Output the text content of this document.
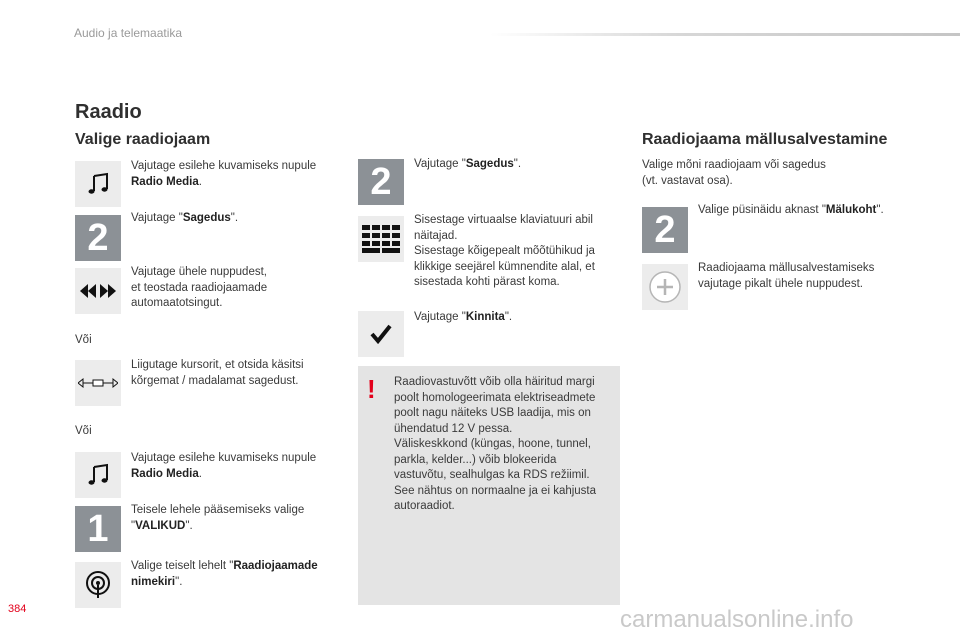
Audio ja telemaatika
Raadio
Valige raadiojaam
Vajutage esilehe kuvamiseks nupule
Radio Media.
2 Vajutage "Sagedus".
Vajutage ühele nuppudest,
et teostada raadiojaamade
automaatotsingut.
Või
Liigutage kursorit, et otsida käsitsi
kõrgemat / madalamat sagedust.
Või
Vajutage esilehe kuvamiseks nupule
Radio Media.
1 Teisele lehele pääsemiseks valige
"VALIKUD".
Valige teiselt lehelt "Raadiojaamade
nimekiri".
2 Vajutage "Sagedus".
Sisestage virtuaalse klaviatuuri abil
näitajad.
Sisestage kõigepealt mõõtühikud ja
klikkige seejärel kümnendite alal, et
sisestada kohti pärast koma.
Vajutage "Kinnita".
! Raadiovastuvõtt võib olla häiritud margi
poolt homologeerimata elektriseadmete
poolt nagu näiteks USB laadija, mis on
ühendatud 12 V pessa.
Väliskeskkond (küngas, hoone, tunnel,
parkla, kelder...) võib blokeerida
vastuvõtu, sealhulgas ka RDS režiimil.
See nähtus on normaalne ja ei kahjusta
autoraadiot.
Raadiojaama mällusalvestamine
Valige mõni raadiojaam või sagedus
(vt. vastavat osa).
2 Valige püsinäidu aknast "Mälukoht".
Raadiojaama mällusalvestamiseks
vajutage pikalt ühele nuppudest.
384	carmanualsonline.info
